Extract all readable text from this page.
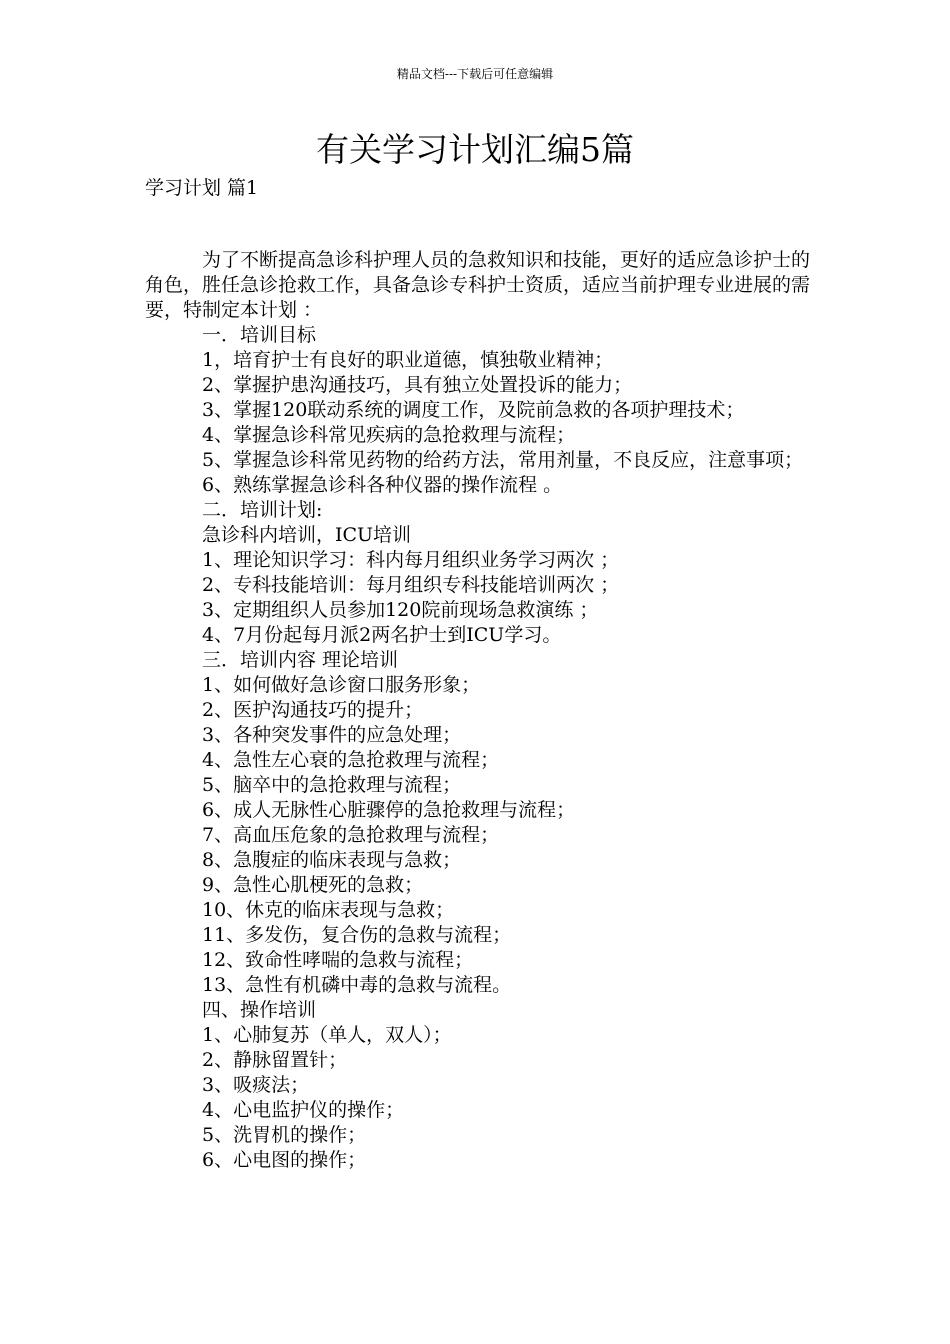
精品文档---下载后可任意编辑
有关学习计划汇编5篇
学习计划 篇1

为了不断提高急诊科护理人员的急救知识和技能，更好的适应急诊护士的角色，胜任急诊抢救工作，具备急诊专科护士资质，适应当前护理专业进展的需要，特制定本计划 ：

一．培训目标

1，培育护士有良好的职业道德，慎独敬业精神；

2、掌握护患沟通技巧，具有独立处置投诉的能力；

3、掌握120联动系统的调度工作，及院前急救的各项护理技术；

4、掌握急诊科常见疾病的急抢救理与流程；

5、掌握急诊科常见药物的给药方法，常用剂量，不良反应，注意事项；

6、熟练掌握急诊科各种仪器的操作流程 。

二．培训计划:

急诊科内培训，ICU培训

1、理论知识学习：科内每月组织业务学习两次 ；

2、专科技能培训：每月组织专科技能培训两次 ；

3、定期组织人员参加120院前现场急救演练 ；

4、7月份起每月派2两名护士到ICU学习。

三．培训内容 理论培训

1、如何做好急诊窗口服务形象；

2、医护沟通技巧的提升；

3、各种突发事件的应急处理；

4、急性左心衰的急抢救理与流程；

5、脑卒中的急抢救理与流程；

6、成人无脉性心脏骤停的急抢救理与流程；

7、高血压危象的急抢救理与流程；

8、急腹症的临床表现与急救；

9、急性心肌梗死的急救；

10、休克的临床表现与急救；

11、多发伤，复合伤的急救与流程；

12、致命性哮喘的急救与流程；

13、急性有机磷中毒的急救与流程。

四、操作培训

1、心肺复苏（单人，双人）；

2、静脉留置针；

3、吸痰法；

4、心电监护仪的操作；

5、洗胃机的操作；

6、心电图的操作；
